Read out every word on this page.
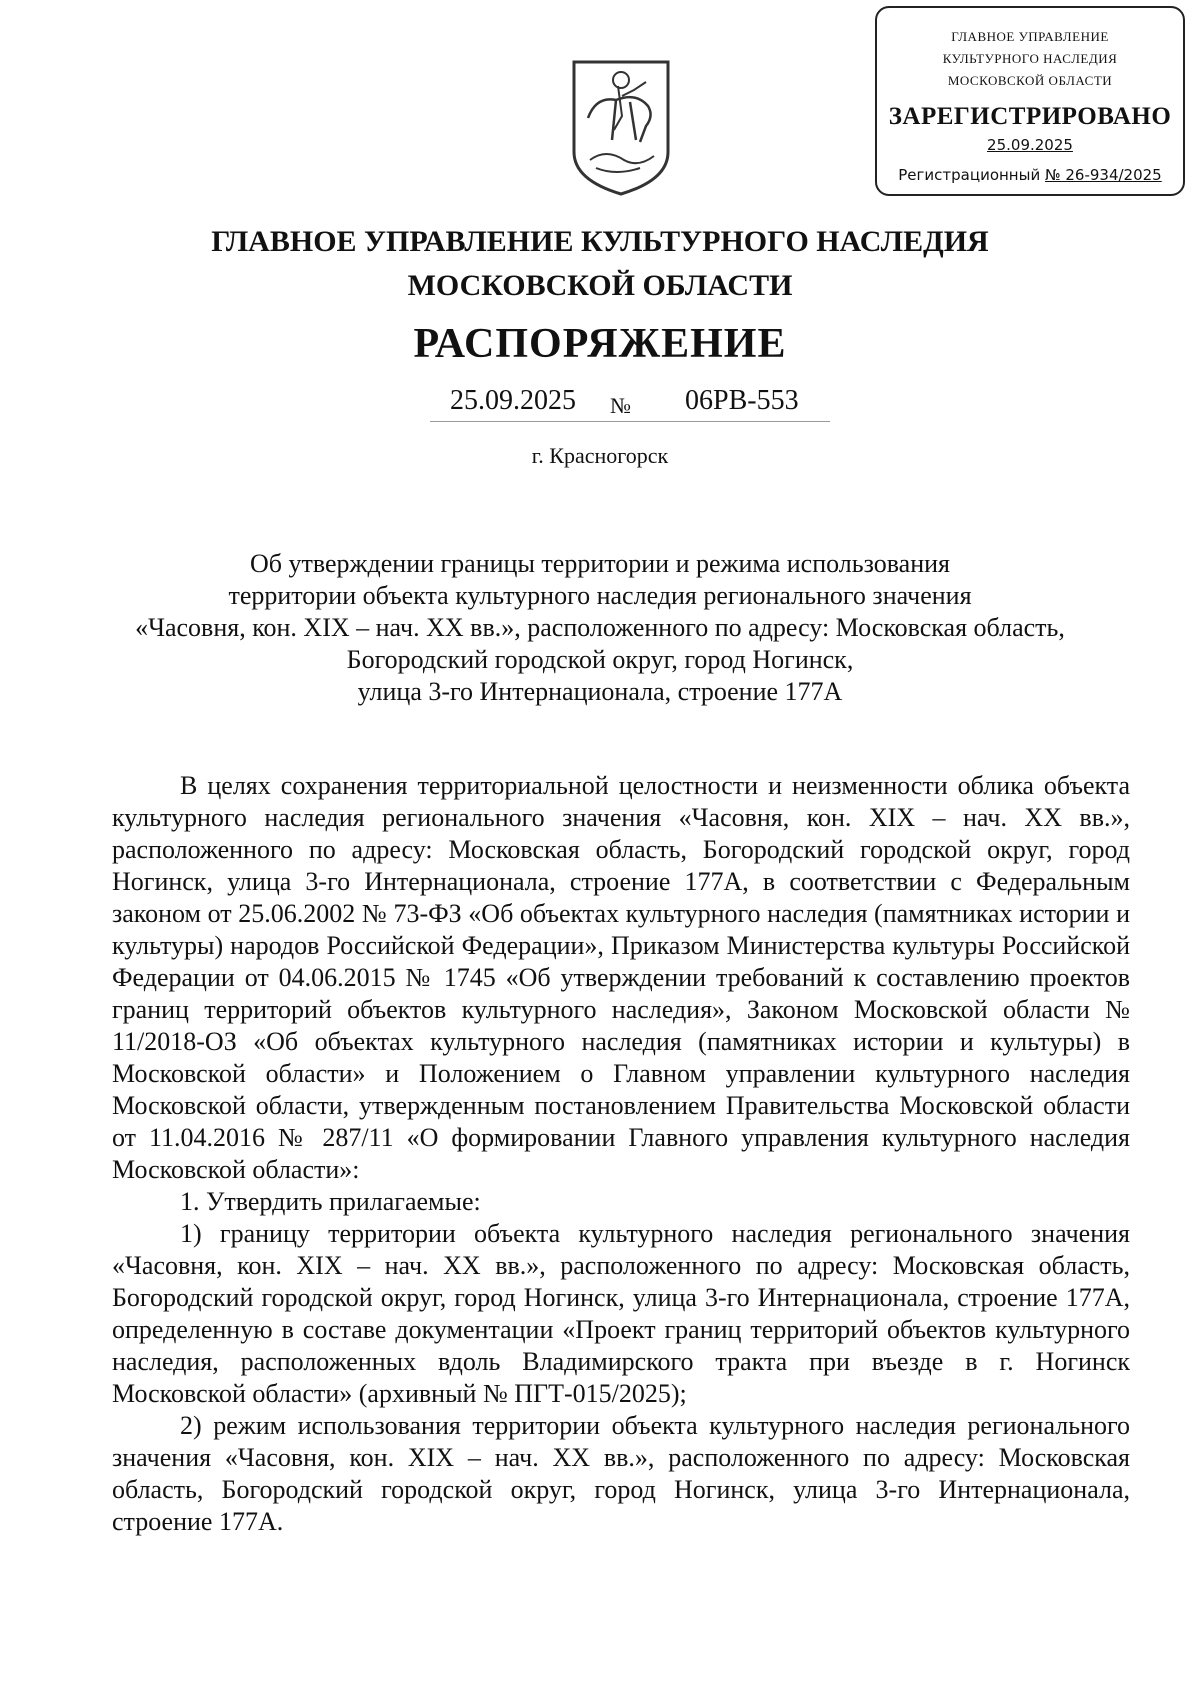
ГЛАВНОЕ УПРАВЛЕНИЕ
КУЛЬТУРНОГО НАСЛЕДИЯ
МОСКОВСКОЙ ОБЛАСТИ
ЗАРЕГИСТРИРОВАНО
25.09.2025
Регистрационный № 26-934/2025
ГЛАВНОЕ УПРАВЛЕНИЕ КУЛЬТУРНОГО НАСЛЕДИЯ
МОСКОВСКОЙ ОБЛАСТИ
РАСПОРЯЖЕНИЕ
25.09.2025 № 06РВ-553
г. Красногорск
Об утверждении границы территории и режима использования
территории объекта культурного наследия регионального значения
«Часовня, кон. XIX – нач. XX вв.», расположенного по адресу: Московская область,
Богородский городской округ, город Ногинск,
улица 3-го Интернационала, строение 177А

В целях сохранения территориальной целостности и неизменности облика объекта культурного наследия регионального значения «Часовня, кон. XIX – нач. XX вв.», расположенного по адресу: Московская область, Богородский городской округ, город Ногинск, улица 3-го Интернационала, строение 177А, в соответствии с Федеральным законом от 25.06.2002 № 73-ФЗ «Об объектах культурного наследия (памятниках истории и культуры) народов Российской Федерации», Приказом Министерства культуры Российской Федерации от 04.06.2015 № 1745 «Об утверждении требований к составлению проектов границ территорий объектов культурного наследия», Законом Московской области № 11/2018-ОЗ «Об объектах культурного наследия (памятниках истории и культуры) в Московской области» и Положением о Главном управлении культурного наследия Московской области, утвержденным постановлением Правительства Московской области от 11.04.2016 № 287/11 «О формировании Главного управления культурного наследия Московской области»:

1. Утвердить прилагаемые:

1) границу территории объекта культурного наследия регионального значения «Часовня, кон. XIX – нач. XX вв.», расположенного по адресу: Московская область, Богородский городской округ, город Ногинск, улица 3-го Интернационала, строение 177А, определенную в составе документации «Проект границ территорий объектов культурного наследия, расположенных вдоль Владимирского тракта при въезде в г. Ногинск Московской области» (архивный № ПГТ-015/2025);

2) режим использования территории объекта культурного наследия регионального значения «Часовня, кон. XIX – нач. XX вв.», расположенного по адресу: Московская область, Богородский городской округ, город Ногинск, улица 3-го Интернационала, строение 177А.
